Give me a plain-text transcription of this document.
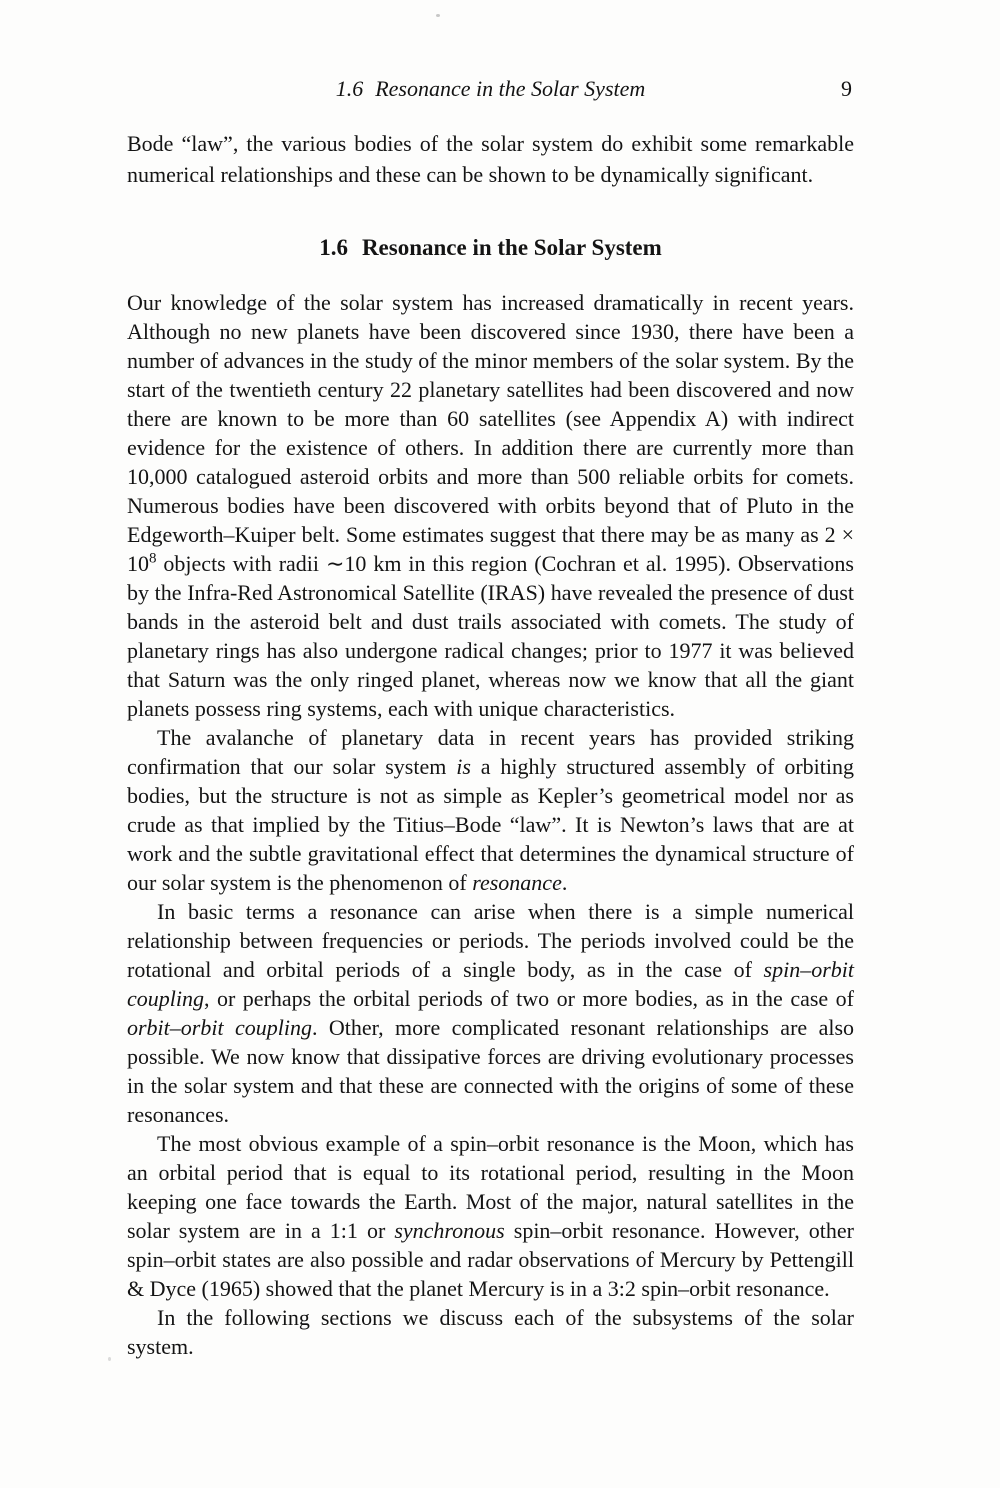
1.6 Resonance in the Solar System	9

Bode “law”, the various bodies of the solar system do exhibit some remarkable numerical relationships and these can be shown to be dynamically significant.

1.6 Resonance in the Solar System

Our knowledge of the solar system has increased dramatically in recent years. Although no new planets have been discovered since 1930, there have been a number of advances in the study of the minor members of the solar system. By the start of the twentieth century 22 planetary satellites had been discovered and now there are known to be more than 60 satellites (see Appendix A) with indirect evidence for the existence of others. In addition there are currently more than 10,000 catalogued asteroid orbits and more than 500 reliable orbits for comets. Numerous bodies have been discovered with orbits beyond that of Pluto in the Edgeworth–Kuiper belt. Some estimates suggest that there may be as many as $2 \times 10^8$ objects with radii ∼10 km in this region (Cochran et al. 1995). Observations by the Infra-Red Astronomical Satellite (IRAS) have revealed the presence of dust bands in the asteroid belt and dust trails associated with comets. The study of planetary rings has also undergone radical changes; prior to 1977 it was believed that Saturn was the only ringed planet, whereas now we know that all the giant planets possess ring systems, each with unique characteristics.

The avalanche of planetary data in recent years has provided striking confirmation that our solar system is a highly structured assembly of orbiting bodies, but the structure is not as simple as Kepler’s geometrical model nor as crude as that implied by the Titius–Bode “law”. It is Newton’s laws that are at work and the subtle gravitational effect that determines the dynamical structure of our solar system is the phenomenon of resonance.

In basic terms a resonance can arise when there is a simple numerical relationship between frequencies or periods. The periods involved could be the rotational and orbital periods of a single body, as in the case of spin–orbit coupling, or perhaps the orbital periods of two or more bodies, as in the case of orbit–orbit coupling. Other, more complicated resonant relationships are also possible. We now know that dissipative forces are driving evolutionary processes in the solar system and that these are connected with the origins of some of these resonances.

The most obvious example of a spin–orbit resonance is the Moon, which has an orbital period that is equal to its rotational period, resulting in the Moon keeping one face towards the Earth. Most of the major, natural satellites in the solar system are in a 1:1 or synchronous spin–orbit resonance. However, other spin–orbit states are also possible and radar observations of Mercury by Pettengill & Dyce (1965) showed that the planet Mercury is in a 3:2 spin–orbit resonance.

In the following sections we discuss each of the subsystems of the solar system.
